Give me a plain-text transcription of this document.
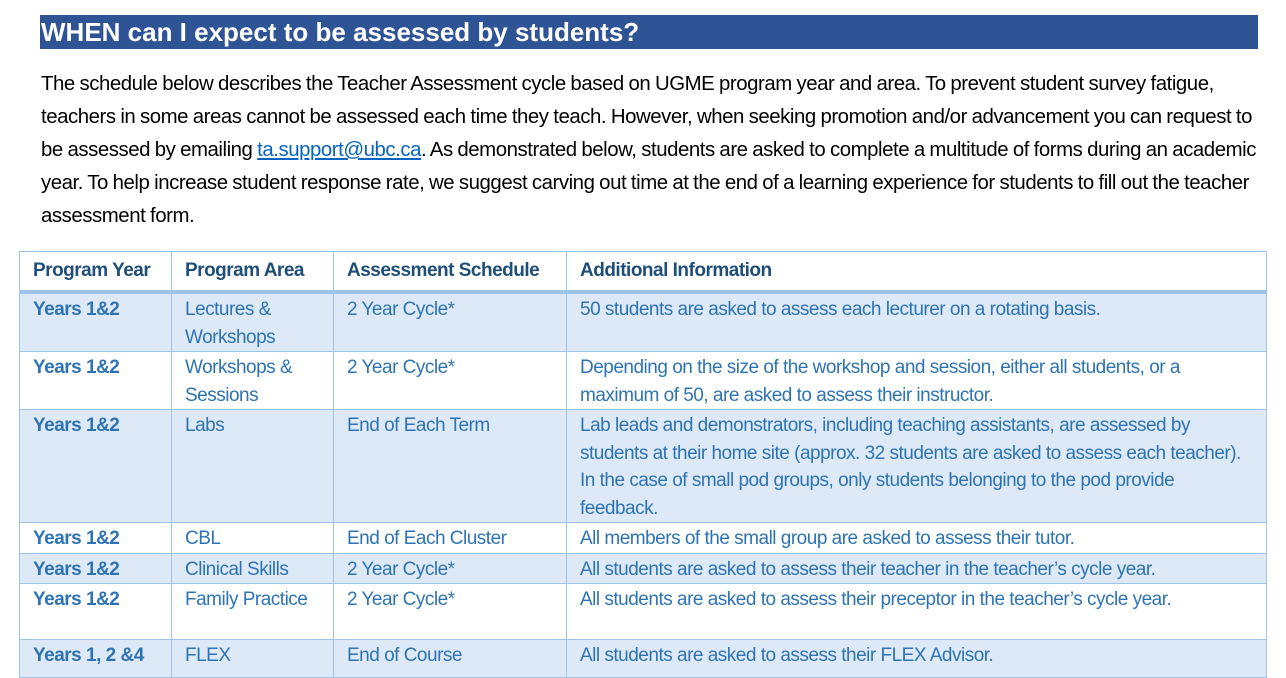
WHEN can I expect to be assessed by students?

The schedule below describes the Teacher Assessment cycle based on UGME program year and area. To prevent student survey fatigue, teachers in some areas cannot be assessed each time they teach. However, when seeking promotion and/or advancement you can request to be assessed by emailing ta.support@ubc.ca. As demonstrated below, students are asked to complete a multitude of forms during an academic year. To help increase student response rate, we suggest carving out time at the end of a learning experience for students to fill out the teacher assessment form.

Program Year	Program Area	Assessment Schedule	Additional Information
Years 1&2	Lectures & Workshops	2 Year Cycle*	50 students are asked to assess each lecturer on a rotating basis.
Years 1&2	Workshops & Sessions	2 Year Cycle*	Depending on the size of the workshop and session, either all students, or a maximum of 50, are asked to assess their instructor.
Years 1&2	Labs	End of Each Term	Lab leads and demonstrators, including teaching assistants, are assessed by students at their home site (approx. 32 students are asked to assess each teacher). In the case of small pod groups, only students belonging to the pod provide feedback.
Years 1&2	CBL	End of Each Cluster	All members of the small group are asked to assess their tutor.
Years 1&2	Clinical Skills	2 Year Cycle*	All students are asked to assess their teacher in the teacher’s cycle year.
Years 1&2	Family Practice	2 Year Cycle*	All students are asked to assess their preceptor in the teacher’s cycle year.
Years 1, 2 &4	FLEX	End of Course	All students are asked to assess their FLEX Advisor.
